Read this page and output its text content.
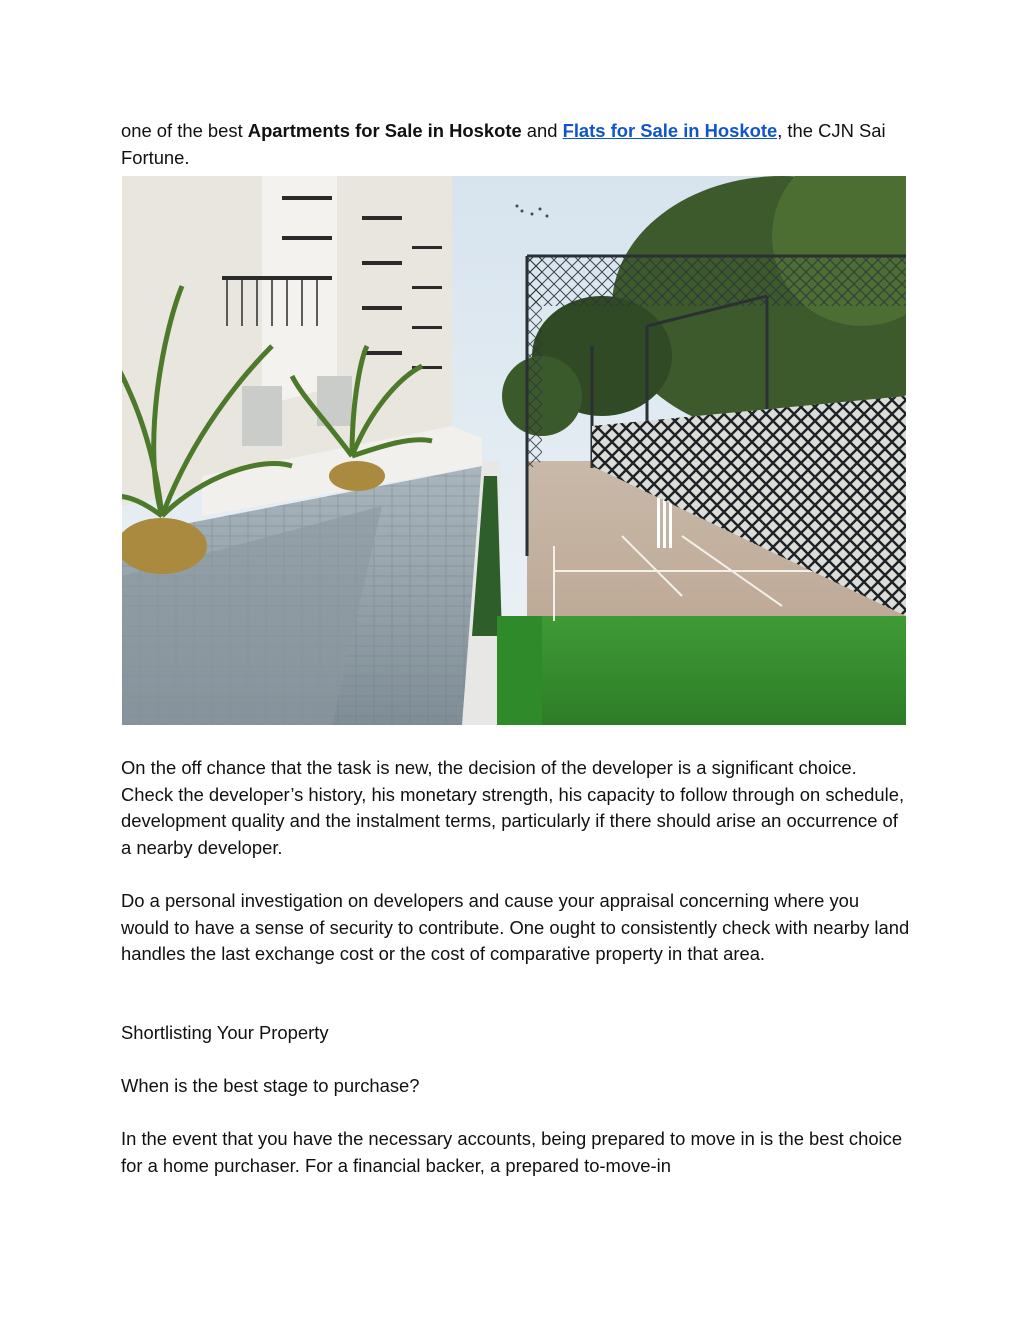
one of the best Apartments for Sale in Hoskote and Flats for Sale in Hoskote, the CJN Sai Fortune.

On the off chance that the task is new, the decision of the developer is a significant choice. Check the developer’s history, his monetary strength, his capacity to follow through on schedule, development quality and the instalment terms, particularly if there should arise an occurrence of a nearby developer.

Do a personal investigation on developers and cause your appraisal concerning where you would to have a sense of security to contribute. One ought to consistently check with nearby land handles the last exchange cost or the cost of comparative property in that area.

Shortlisting Your Property

When is the best stage to purchase?

In the event that you have the necessary accounts, being prepared to move in is the best choice for a home purchaser. For a financial backer, a prepared to-move-in
